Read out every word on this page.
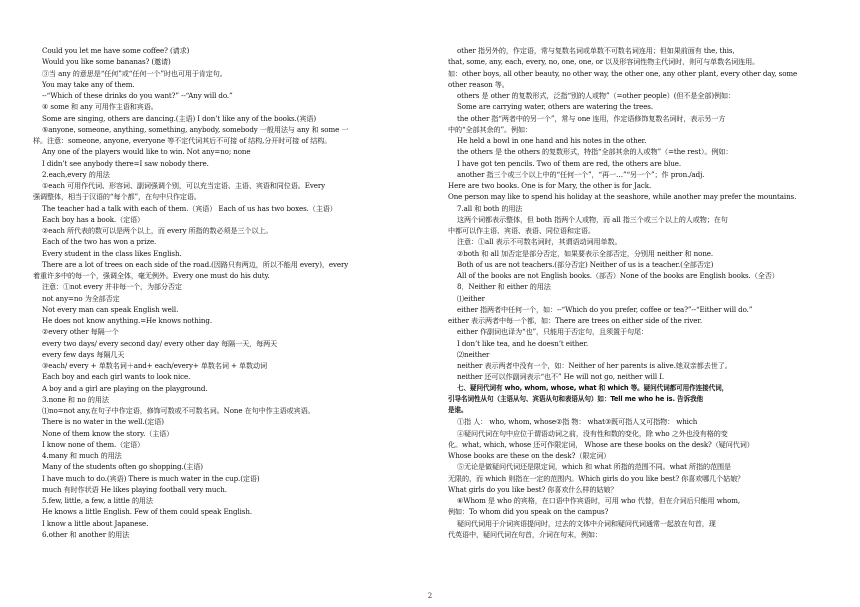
Could you let me have some coffee? (请求)
Would you like some bananas? (邀请)
③当 any 的意思是“任何”或“任何一个”时也可用于肯定句。
You may take any of them.
--“Which of these drinks do you want?” --“Any will do.”
④ some 和 any 可用作主语和宾语。
Some are singing, others are dancing.(主语) I don’t like any of the books.(宾语)
⑤anyone, someone, anything, something, anybody, somebody 一般用法与 any 和 some 一
样。注意：someone, anyone, everyone 等不定代词其后不可接 of 结构,分开时可接 of 结构。
Any one of the players would like to win. Not any=no; none
I didn’t see anybody there=I saw nobody there.
2.each,every 的用法
①each 可用作代词、形容词、副词强调个别，可以充当定语、主语、宾语和同位语。Every
强调整体，相当于汉语的“每个都”，在句中只作定语。
The teacher had a talk with each of them.（宾语） Each of us has two boxes.（主语）
Each boy has a book.（定语）
②each 所代表的数可以是两个以上，而 every 所指的数必须是三个以上。
Each of the two has won a prize.
Every student in the class likes English.
There are a lot of trees on each side of the road.(因路只有两边，所以不能用 every)，every
着重许多中的每一个，强调全体，毫无例外。Every one must do his duty.
注意：①not every 并非每一个，为部分否定
not any=no 为全部否定
Not every man can speak English well.
He does not know anything.=He knows nothing.
②every other 每隔一个
every two days/ every second day/ every other day 每隔一天，每两天
every few days 每隔几天
③each/ every + 单数名词＋and+ each/every+ 单数名词 + 单数动词
Each boy and each girl wants to look nice.
A boy and a girl are playing on the playground.
3.none 和 no 的用法
⑴no=not any,在句子中作定语，修饰可数或不可数名词。None 在句中作主语或宾语。
There is no water in the well.(定语)
None of them know the story.（主语）
I know none of them.（定语）
4.many 和 much 的用法
Many of the students often go shopping.(主语)
I have much to do.(宾语) There is much water in the cup.(定语)
much 有时作状语 He likes playing football very much.
5.few, little, a few, a little 的用法
He knows a little English. Few of them could speak English.
I know a little about Japanese.
6.other 和 another 的用法
other 指另外的，作定语，常与复数名词或单数不可数名词连用；但如果前面有 the, this,
that, some, any, each, every, no, one, one, or 以及形容词性物主代词时，则可与单数名词连用。
如：other boys, all other beauty, no other way, the other one, any other plant, every other day, some
other reason 等。
others 是 other 的复数形式，泛指“别的人或物”（=other people）(但不是全部)例如：
Some are carrying water, others are watering the trees.
the other 指“两者中的另一个”，常与 one 连用，作定语修饰复数名词时，表示另一方
中的“全部其余的”。例如：
He held a bowl in one hand and his notes in the other.
the others 是 the others 的复数形式，特指“全部其余的人或物”（=the rest）。例如：
I have got ten pencils. Two of them are red, the others are blue.
another 指三个或三个以上中的“任何一个”，“再一…”“另一个”；作 pron./adj.
Here are two books. One is for Mary, the other is for Jack.
One person may like to spend his holiday at the seashore, while another may prefer the mountains.
7.all 和 both 的用法
这两个词都表示整体，但 both 指两个人或物，而 all 指三个或三个以上的人或物；在句
中都可以作主语、宾语、表语、同位语和定语。
注意：①all 表示不可数名词时，其谓语动词用单数。
②both 和 all 加否定是部分否定，如果要表示全部否定，分别用 neither 和 none.
Both of us are not teachers.(部分否定) Neither of us is a teacher.(全部否定)
All of the books are not English books.（部否）None of the books are English books.（全否）
8．Neither 和 either 的用法
⑴either
either 指两者中任何一个，如：--“Which do you prefer, coffee or tea?”--“Either will do.”
either 表示两者中每一个都，如：There are trees on either side of the river.
either 作副词也译为“也”，只能用于否定句，且须置于句尾：
I don’t like tea, and he doesn’t either.
⑵neither
neither 表示两者中没有一个，如：Neither of her parents is alive.她双亲都去世了。
neither 还可以作副词表示“也不” He will not go, neither will I.
七、疑问代词有 who, whom, whose, what 和 which 等。疑问代词都可用作连接代词，
引导名词性从句（主语从句、宾语从句和表语从句）如：Tell me who he is. 告诉我他
是谁。
①指 人： who, whom, whose②指 物： what③既可指人又可指物： which
④疑问代词在句中应位于谓语动词之前，没有性和数的变化，除 who 之外也没有格的变
化。what, which, whose 还可作限定词， Whose are these books on the desk?（疑问代词）
Whose books are these on the desk?（限定词）
⑤无论是做疑问代词还是限定词，which 和 what 所指的范围不同。what 所指的范围是
无限的，而 which 则指在一定的范围内。Which girls do you like best? 你喜欢哪几个姑娘？
What girls do you like best? 你喜欢什么样的姑娘？
⑥Whom 是 who 的宾格，在口语中作宾语时，可用 who 代替，但在介词后只能用 whom,
例如：To whom did you speak on the campus?
疑问代词用于介词宾语提问时，过去的文体中介词和疑问代词通常一起放在句首，现
代英语中，疑问代词在句首，介词在句末，例如：
2
